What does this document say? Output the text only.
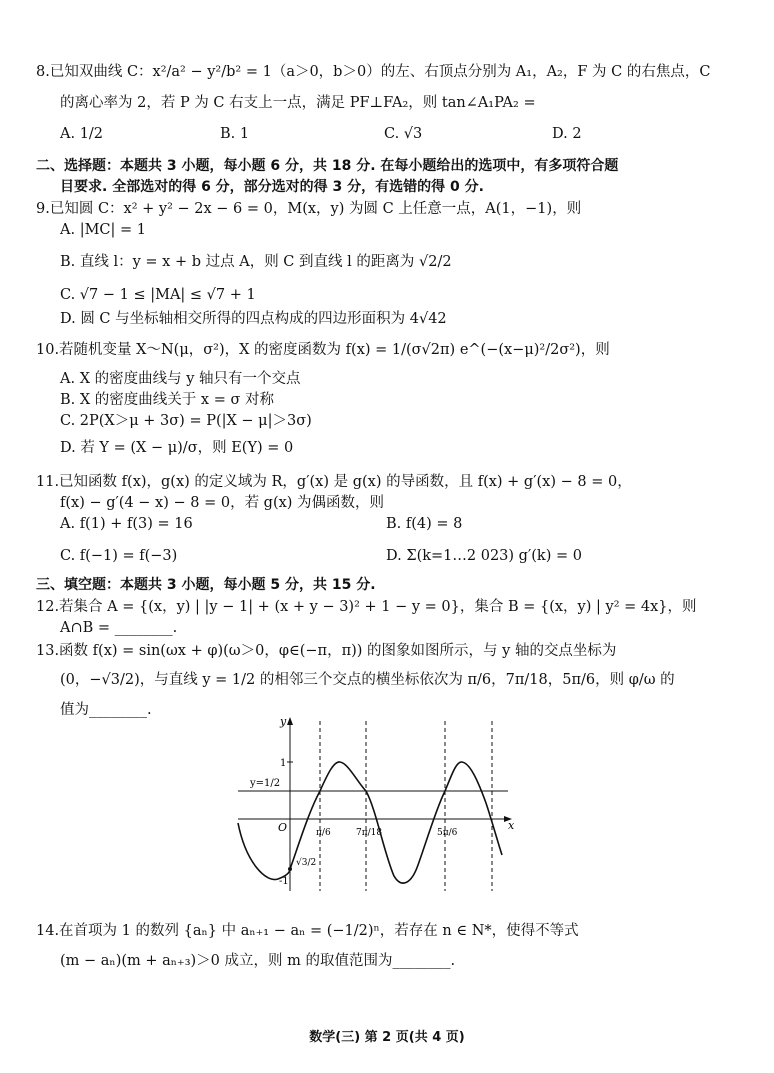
8.已知双曲线 C：x²/a² − y²/b² = 1（a＞0，b＞0）的左、右顶点分别为 A₁，A₂，F 为 C 的右焦点，C
的离心率为 2，若 P 为 C 右支上一点，满足 PF⊥FA₂，则 tan∠A₁PA₂ =
A. 1/2	B. 1	C. √3	D. 2
二、选择题：本题共 3 小题，每小题 6 分，共 18 分. 在每小题给出的选项中，有多项符合题
目要求. 全部选对的得 6 分，部分选对的得 3 分，有选错的得 0 分.
9.已知圆 C：x² + y² − 2x − 6 = 0，M(x，y) 为圆 C 上任意一点，A(1，−1)，则
A. |MC| = 1
B. 直线 l：y = x + b 过点 A，则 C 到直线 l 的距离为 √2/2
C. √7 − 1 ≤ |MA| ≤ √7 + 1
D. 圆 C 与坐标轴相交所得的四点构成的四边形面积为 4√42
10.若随机变量 X～N(μ，σ²)，X 的密度函数为 f(x) = 1/(σ√2π) e^(−(x−μ)²/2σ²)，则
A. X 的密度曲线与 y 轴只有一个交点
B. X 的密度曲线关于 x = σ 对称
C. 2P(X＞μ + 3σ) = P(|X − μ|＞3σ)
D. 若 Y = (X − μ)/σ，则 E(Y) = 0
11.已知函数 f(x)，g(x) 的定义域为 R，g′(x) 是 g(x) 的导函数，且 f(x) + g′(x) − 8 = 0，
f(x) − g′(4 − x) − 8 = 0，若 g(x) 为偶函数，则
A. f(1) + f(3) = 16	B. f(4) = 8
C. f(−1) = f(−3)	D. Σ(k=1…2 023) g′(k) = 0
三、填空题：本题共 3 小题，每小题 5 分，共 15 分.
12.若集合 A = {(x，y) | |y − 1| + (x + y − 3)² + 1 − y = 0}，集合 B = {(x，y) | y² = 4x}，则
A∩B = ________.
13.函数 f(x) = sin(ωx + φ)(ω＞0，φ∈(−π，π)) 的图象如图所示，与 y 轴的交点坐标为
(0，−√3/2)，与直线 y = 1/2 的相邻三个交点的横坐标依次为 π/6，7π/18，5π/6，则 φ/ω 的
值为________.
y
x
O
y=1/2
1
-1
π/6	7π/18	5π/6
√3/2
14.在首项为 1 的数列 {aₙ} 中 aₙ₊₁ − aₙ = (−1/2)ⁿ，若存在 n ∈ N*，使得不等式
(m − aₙ)(m + aₙ₊₃)＞0 成立，则 m 的取值范围为________.
数学(三) 第 2 页(共 4 页)
